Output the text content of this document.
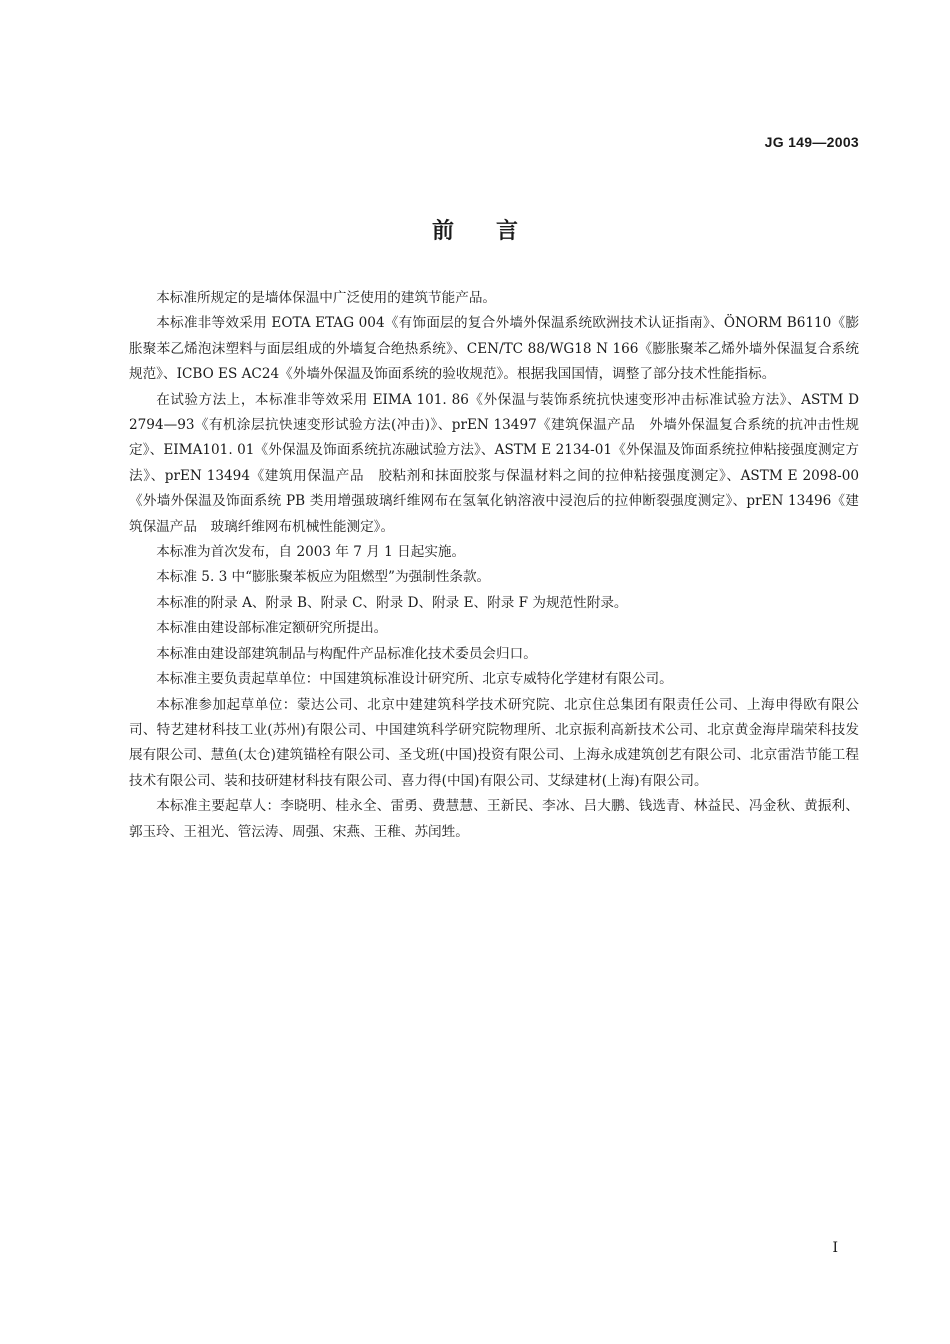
JG 149—2003
前言

本标准所规定的是墙体保温中广泛使用的建筑节能产品。

本标准非等效采用 EOTA ETAG 004《有饰面层的复合外墙外保温系统欧洲技术认证指南》、ÖNORM B6110《膨胀聚苯乙烯泡沫塑料与面层组成的外墙复合绝热系统》、CEN/TC 88/WG18 N 166《膨胀聚苯乙烯外墙外保温复合系统规范》、ICBO ES AC24《外墙外保温及饰面系统的验收规范》。根据我国国情，调整了部分技术性能指标。

在试验方法上，本标准非等效采用 EIMA 101. 86《外保温与装饰系统抗快速变形冲击标准试验方法》、ASTM D 2794—93《有机涂层抗快速变形试验方法(冲击)》、prEN 13497《建筑保温产品　外墙外保温复合系统的抗冲击性规定》、EIMA101. 01《外保温及饰面系统抗冻融试验方法》、ASTM E 2134-01《外保温及饰面系统拉伸粘接强度测定方法》、prEN 13494《建筑用保温产品　胶粘剂和抹面胶浆与保温材料之间的拉伸粘接强度测定》、ASTM E 2098-00《外墙外保温及饰面系统 PB 类用增强玻璃纤维网布在氢氧化钠溶液中浸泡后的拉伸断裂强度测定》、prEN 13496《建筑保温产品　玻璃纤维网布机械性能测定》。

本标准为首次发布，自 2003 年 7 月 1 日起实施。

本标准 5. 3 中“膨胀聚苯板应为阻燃型”为强制性条款。

本标准的附录 A、附录 B、附录 C、附录 D、附录 E、附录 F 为规范性附录。

本标准由建设部标准定额研究所提出。

本标准由建设部建筑制品与构配件产品标准化技术委员会归口。

本标准主要负责起草单位：中国建筑标准设计研究所、北京专威特化学建材有限公司。

本标准参加起草单位：蒙达公司、北京中建建筑科学技术研究院、北京住总集团有限责任公司、上海申得欧有限公司、特艺建材科技工业(苏州)有限公司、中国建筑科学研究院物理所、北京振利高新技术公司、北京黄金海岸瑞荣科技发展有限公司、慧鱼(太仓)建筑锚栓有限公司、圣戈班(中国)投资有限公司、上海永成建筑创艺有限公司、北京雷浩节能工程技术有限公司、装和技研建材科技有限公司、喜力得(中国)有限公司、艾绿建材(上海)有限公司。

本标准主要起草人：李晓明、桂永全、雷勇、费慧慧、王新民、李冰、吕大鹏、钱选青、林益民、冯金秋、黄振利、郭玉玲、王祖光、管沄涛、周强、宋燕、王稚、苏闰甡。

I
